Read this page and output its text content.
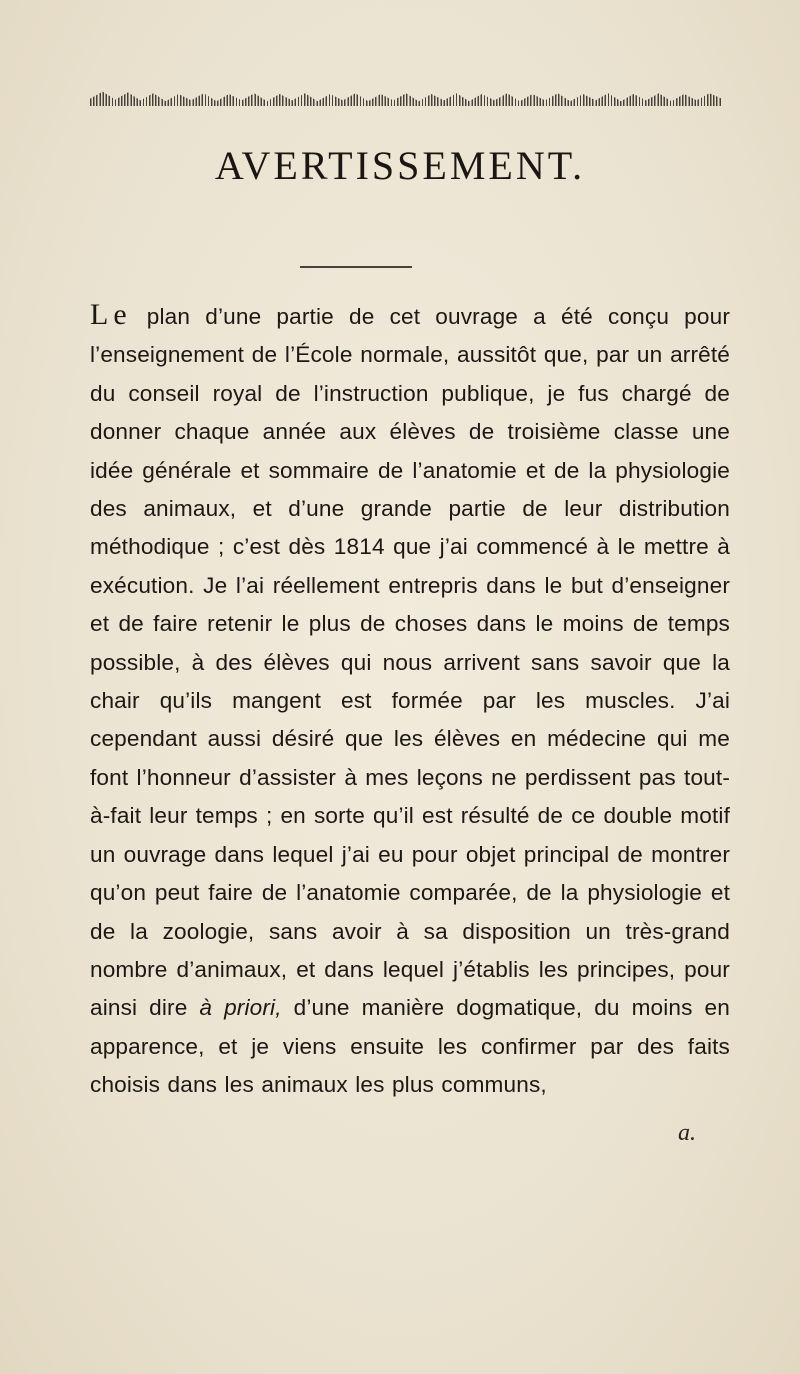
AVERTISSEMENT.

Le plan d’une partie de cet ouvrage a été conçu pour l’enseignement de l’École normale, aussitôt que, par un arrêté du conseil royal de l’instruction publique, je fus chargé de donner chaque année aux élèves de troisième classe une idée générale et sommaire de l’anatomie et de la physiologie des animaux, et d’une grande partie de leur distribution méthodique ; c’est dès 1814 que j’ai commencé à le mettre à exécution. Je l’ai réellement entrepris dans le but d’enseigner et de faire retenir le plus de choses dans le moins de temps possible, à des élèves qui nous arrivent sans savoir que la chair qu’ils mangent est formée par les muscles. J’ai cependant aussi désiré que les élèves en médecine qui me font l’honneur d’assister à mes leçons ne perdissent pas tout-à-fait leur temps ; en sorte qu’il est résulté de ce double motif un ouvrage dans lequel j’ai eu pour objet principal de montrer qu’on peut faire de l’anatomie comparée, de la physiologie et de la zoologie, sans avoir à sa disposition un très-grand nombre d’animaux, et dans lequel j’établis les principes, pour ainsi dire à priori, d’une manière dogmatique, du moins en apparence, et je viens ensuite les confirmer par des faits choisis dans les animaux les plus communs,

a.
